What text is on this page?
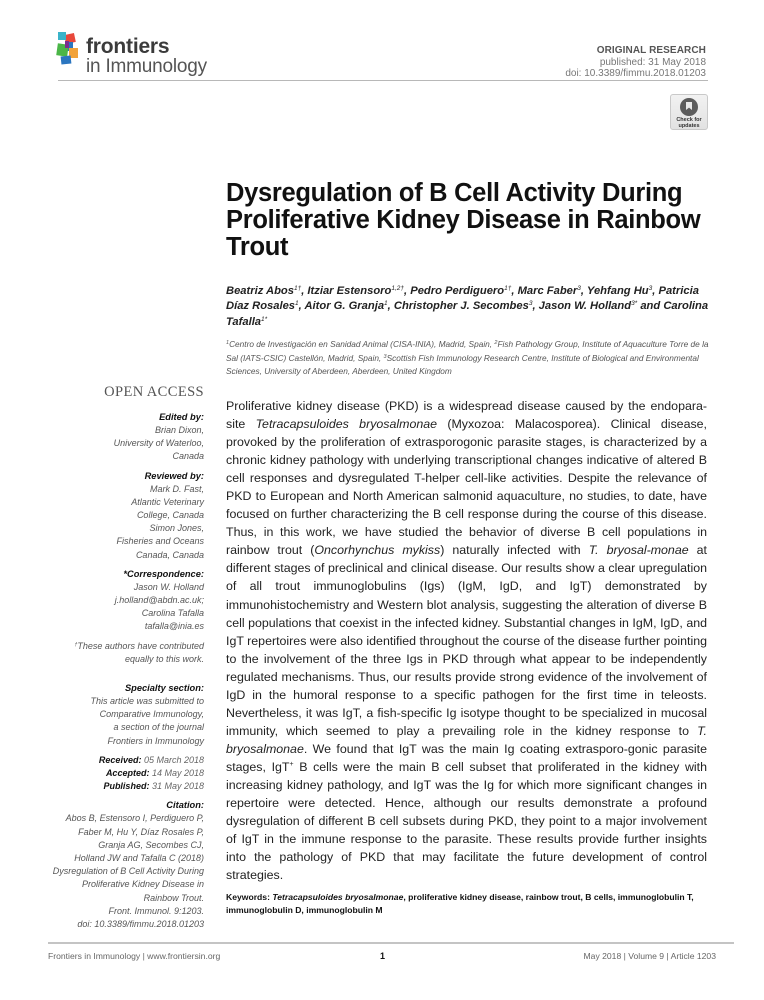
frontiers
in Immunology
ORIGINAL RESEARCH
published: 31 May 2018
doi: 10.3389/fimmu.2018.01203
Check for updates
Dysregulation of B Cell Activity During Proliferative Kidney Disease in Rainbow Trout
Beatriz Abos$^{1\dagger}$, Itziar Estensoro$^{1,2\dagger}$, Pedro Perdiguero$^{1\dagger}$, Marc Faber$^3$, Yehfang Hu$^3$, Patricia Díaz Rosales$^1$, Aitor G. Granja$^1$, Christopher J. Secombes$^3$, Jason W. Holland$^{3*}$ and Carolina Tafalla$^{1*}$
$^1$Centro de Investigación en Sanidad Animal (CISA-INIA), Madrid, Spain, $^2$Fish Pathology Group, Institute of Aquaculture Torre de la Sal (IATS-CSIC) Castellón, Madrid, Spain, $^3$Scottish Fish Immunology Research Centre, Institute of Biological and Environmental Sciences, University of Aberdeen, Aberdeen, United Kingdom
OPEN ACCESS
Edited by:
Brian Dixon,
University of Waterloo,
Canada
Reviewed by:
Mark D. Fast,
Atlantic Veterinary
College, Canada
Simon Jones,
Fisheries and Oceans
Canada, Canada
*Correspondence:
Jason W. Holland
j.holland@abdn.ac.uk;
Carolina Tafalla
tafalla@inia.es
†These authors have contributed
equally to this work.
Specialty section:
This article was submitted to
Comparative Immunology,
a section of the journal
Frontiers in Immunology
Received: 05 March 2018
Accepted: 14 May 2018
Published: 31 May 2018
Citation:
Abos B, Estensoro I, Perdiguero P,
Faber M, Hu Y, Díaz Rosales P,
Granja AG, Secombes CJ,
Holland JW and Tafalla C (2018)
Dysregulation of B Cell Activity During
Proliferative Kidney Disease in
Rainbow Trout.
Front. Immunol. 9:1203.
doi: 10.3389/fimmu.2018.01203
Proliferative kidney disease (PKD) is a widespread disease caused by the endopara-site Tetracapsuloides bryosalmonae (Myxozoa: Malacosporea). Clinical disease, provoked by the proliferation of extrasporogonic parasite stages, is characterized by a chronic kidney pathology with underlying transcriptional changes indicative of altered B cell responses and dysregulated T-helper cell-like activities. Despite the relevance of PKD to European and North American salmonid aquaculture, no studies, to date, have focused on further characterizing the B cell response during the course of this disease. Thus, in this work, we have studied the behavior of diverse B cell populations in rainbow trout (Oncorhynchus mykiss) naturally infected with T. bryosal-monae at different stages of preclinical and clinical disease. Our results show a clear upregulation of all trout immunoglobulins (Igs) (IgM, IgD, and IgT) demonstrated by immunohistochemistry and Western blot analysis, suggesting the alteration of diverse B cell populations that coexist in the infected kidney. Substantial changes in IgM, IgD, and IgT repertoires were also identified throughout the course of the disease further pointing to the involvement of the three Igs in PKD through what appear to be independently regulated mechanisms. Thus, our results provide strong evidence of the involvement of IgD in the humoral response to a specific pathogen for the first time in teleosts. Nevertheless, it was IgT, a fish-specific Ig isotype thought to be specialized in mucosal immunity, which seemed to play a prevailing role in the kidney response to T. bryosalmonae. We found that IgT was the main Ig coating extrasporo-gonic parasite stages, IgT+ B cells were the main B cell subset that proliferated in the kidney with increasing kidney pathology, and IgT was the Ig for which more significant changes in repertoire were detected. Hence, although our results demonstrate a profound dysregulation of different B cell subsets during PKD, they point to a major involvement of IgT in the immune response to the parasite. These results provide further insights into the pathology of PKD that may facilitate the future development of control strategies.
Keywords: Tetracapsuloides bryosalmonae, proliferative kidney disease, rainbow trout, B cells, immunoglobulin T, immunoglobulin D, immunoglobulin M
Frontiers in Immunology | www.frontiersin.org	1	May 2018 | Volume 9 | Article 1203
